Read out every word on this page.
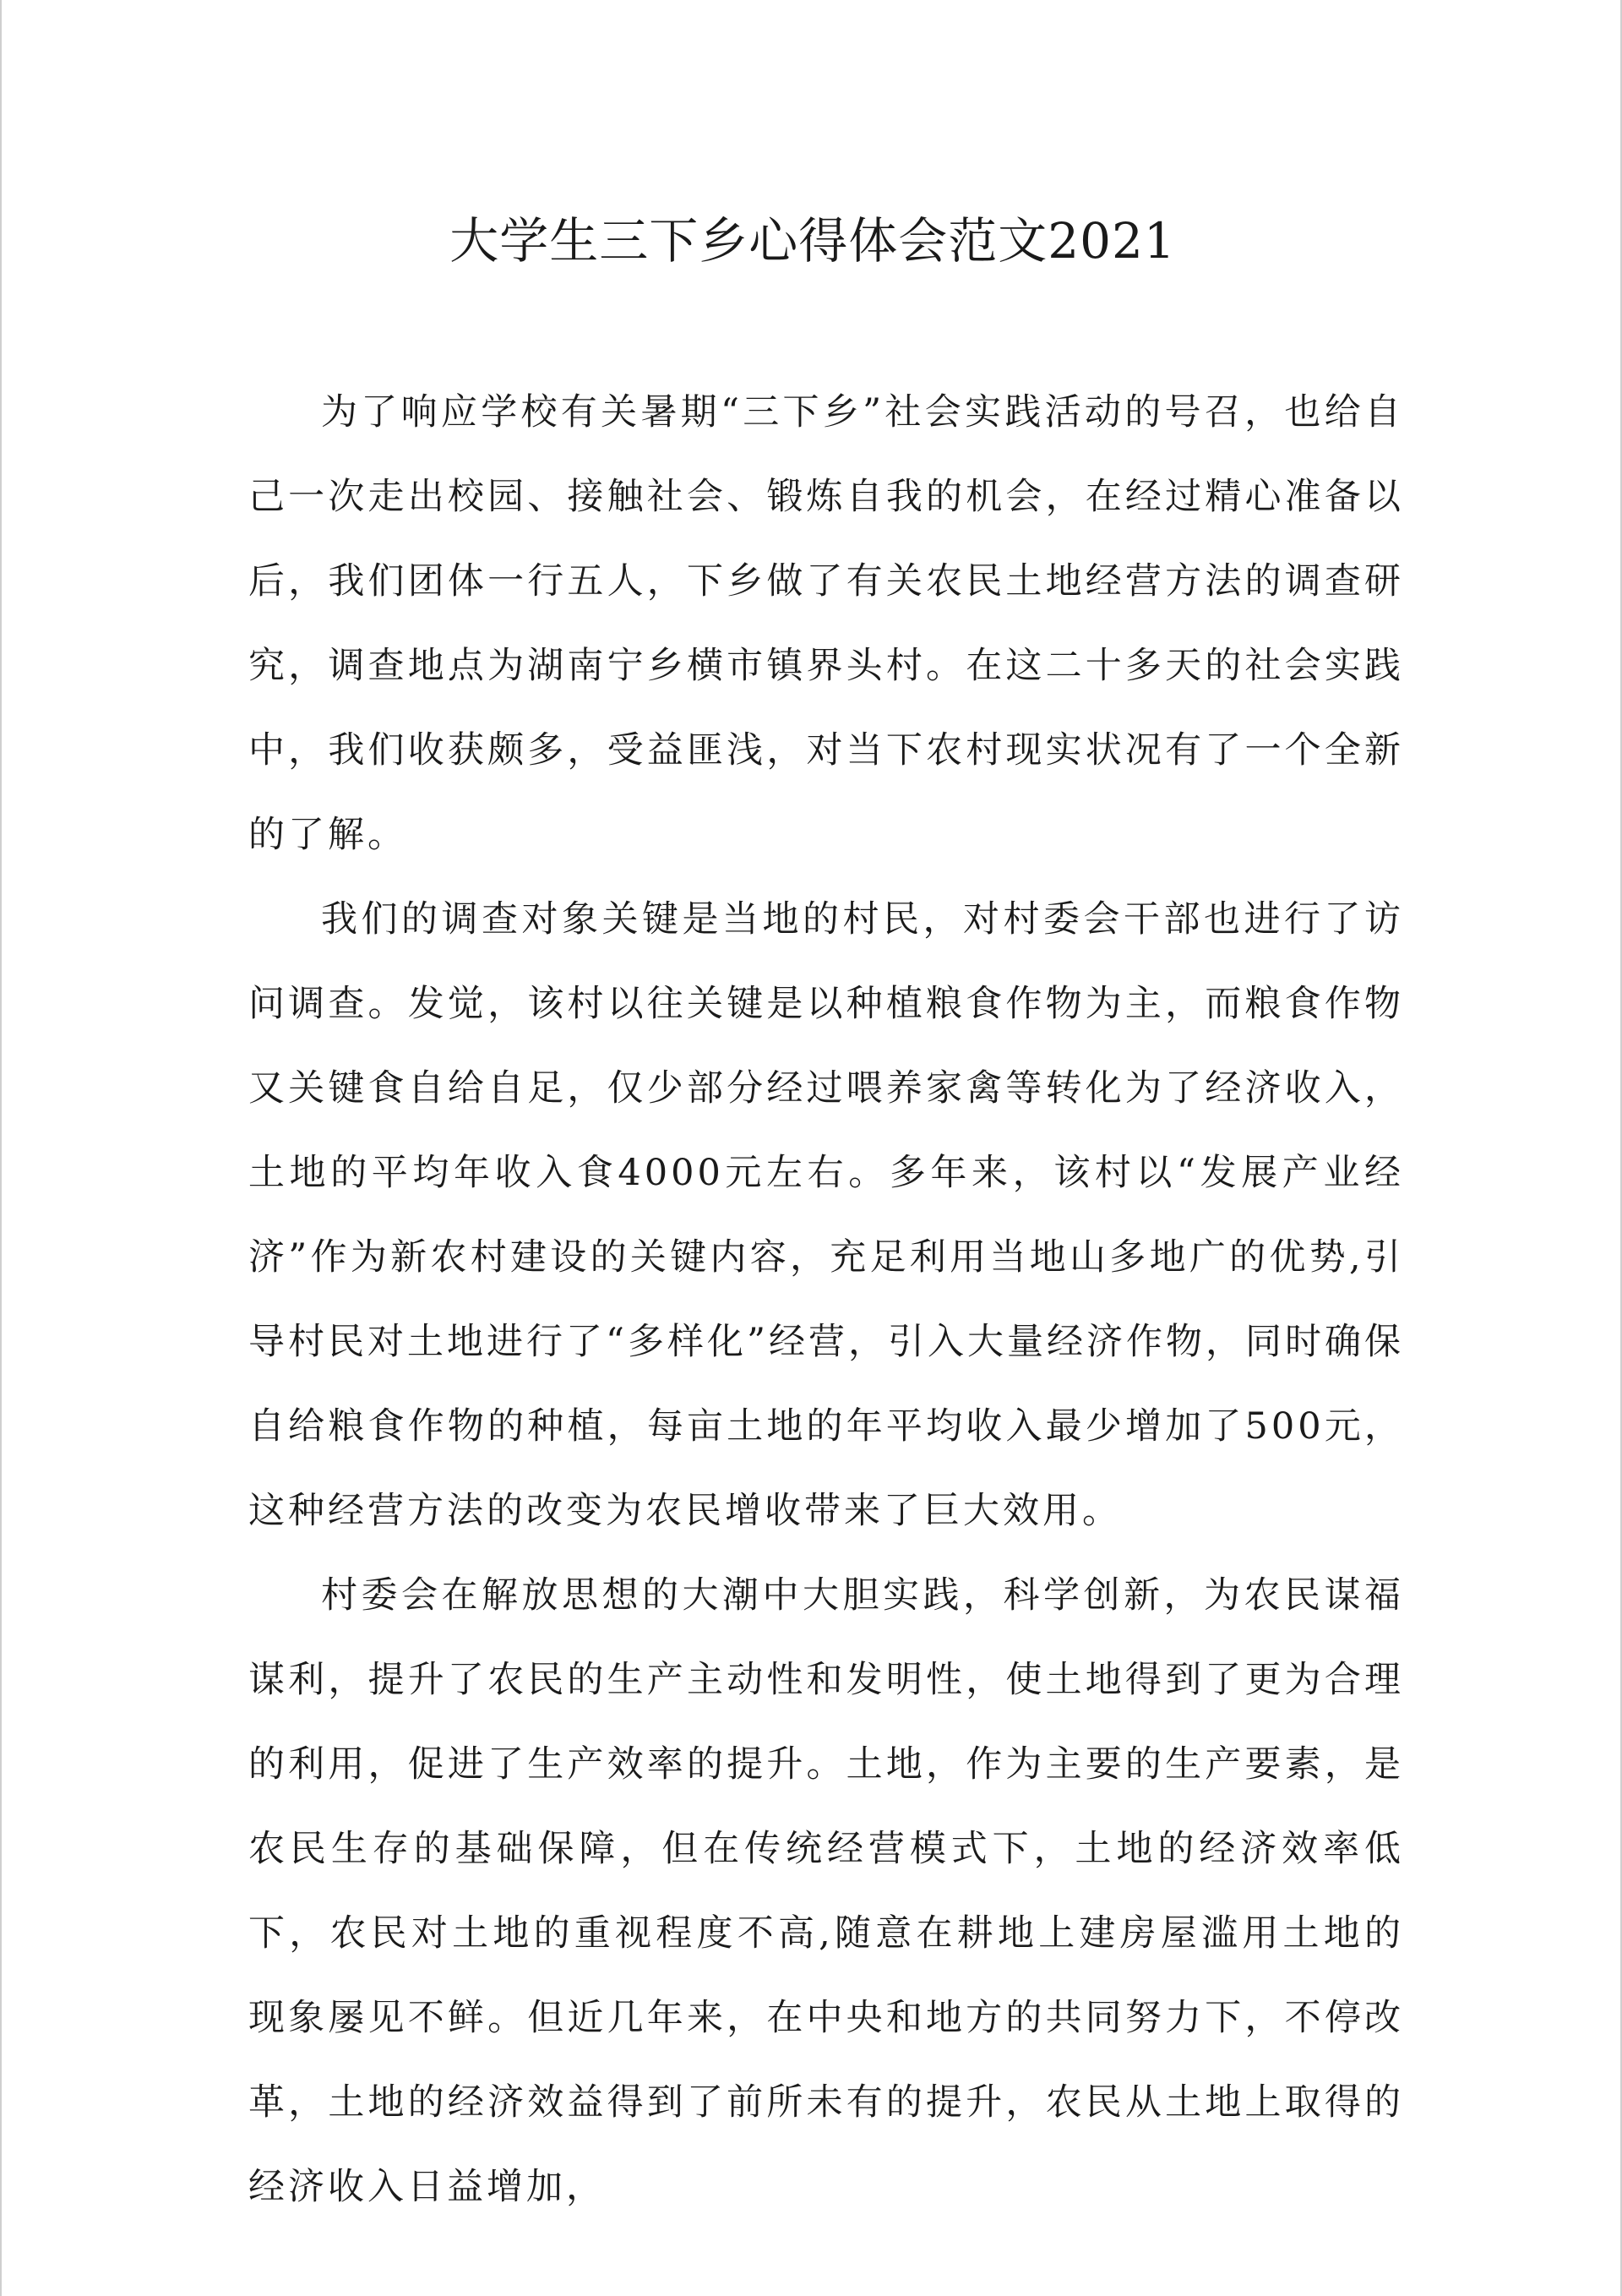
大学生三下乡心得体会范文2021

为了响应学校有关暑期“三下乡”社会实践活动的号召，也给自己一次走出校园、接触社会、锻炼自我的机会，在经过精心准备以后，我们团体一行五人，下乡做了有关农民土地经营方法的调查研究，调查地点为湖南宁乡横市镇界头村。在这二十多天的社会实践中，我们收获颇多，受益匪浅，对当下农村现实状况有了一个全新的了解。

我们的调查对象关键是当地的村民，对村委会干部也进行了访问调查。发觉，该村以往关键是以种植粮食作物为主，而粮食作物又关键食自给自足，仅少部分经过喂养家禽等转化为了经济收入，土地的平均年收入食4000元左右。多年来，该村以“发展产业经济”作为新农村建设的关键内容，充足利用当地山多地广的优势,引导村民对土地进行了“多样化”经营，引入大量经济作物，同时确保自给粮食作物的种植，每亩土地的年平均收入最少增加了500元，这种经营方法的改变为农民增收带来了巨大效用。

村委会在解放思想的大潮中大胆实践，科学创新，为农民谋福谋利，提升了农民的生产主动性和发明性，使土地得到了更为合理的利用，促进了生产效率的提升。土地，作为主要的生产要素，是农民生存的基础保障，但在传统经营模式下，土地的经济效率低下，农民对土地的重视程度不高,随意在耕地上建房屋滥用土地的现象屡见不鲜。但近几年来，在中央和地方的共同努力下，不停改革，土地的经济效益得到了前所未有的提升，农民从土地上取得的经济收入日益增加，
